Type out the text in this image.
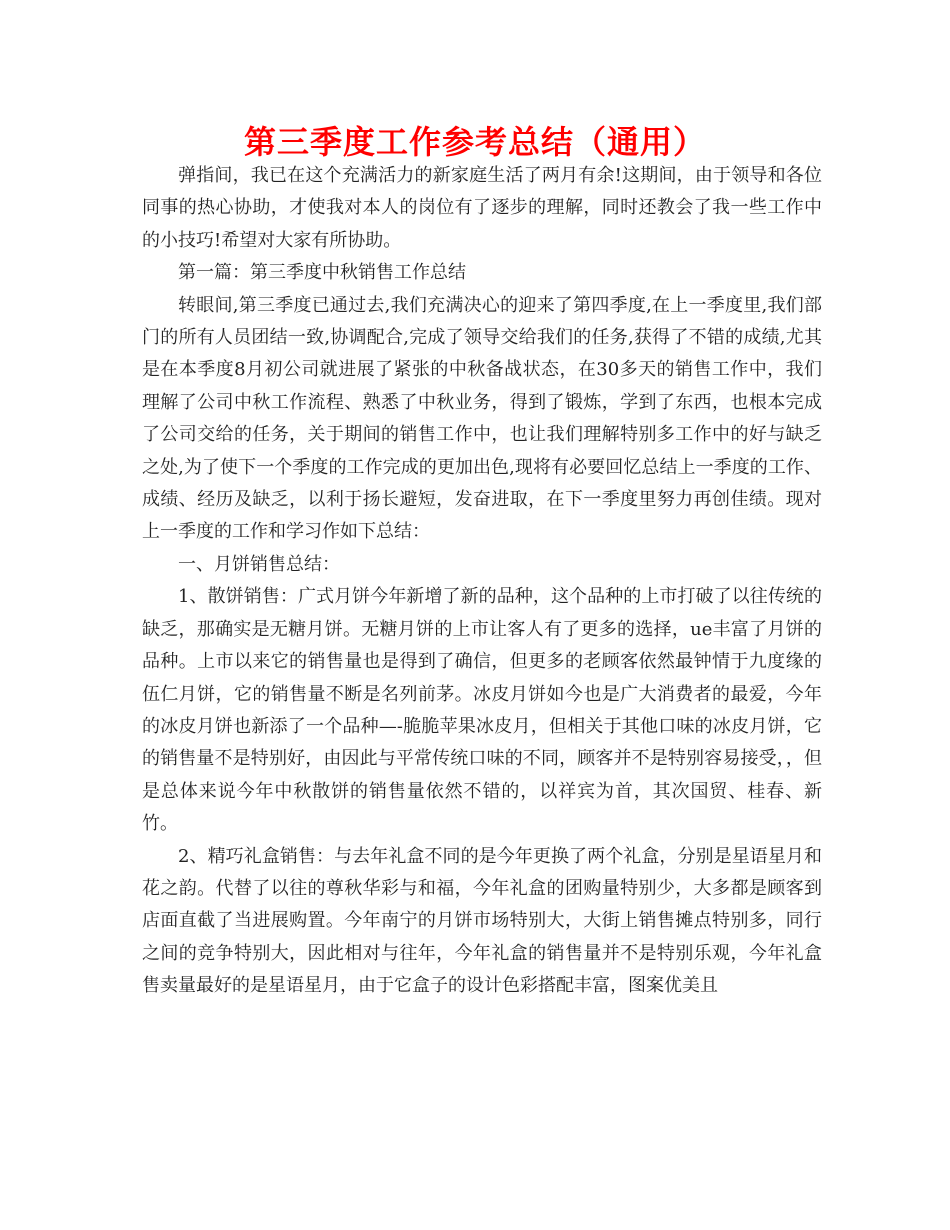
第三季度工作参考总结（通用）

弹指间，我已在这个充满活力的新家庭生活了两月有余!这期间，由于领导和各位同事的热心协助，才使我对本人的岗位有了逐步的理解，同时还教会了我一些工作中的小技巧!希望对大家有所协助。

第一篇：第三季度中秋销售工作总结

转眼间,第三季度已通过去,我们充满决心的迎来了第四季度,在上一季度里,我们部门的所有人员团结一致,协调配合,完成了领导交给我们的任务,获得了不错的成绩,尤其是在本季度8月初公司就进展了紧张的中秋备战状态，在30多天的销售工作中，我们理解了公司中秋工作流程、熟悉了中秋业务，得到了锻炼，学到了东西，也根本完成了公司交给的任务，关于期间的销售工作中，也让我们理解特别多工作中的好与缺乏之处,为了使下一个季度的工作完成的更加出色,现将有必要回忆总结上一季度的工作、成绩、经历及缺乏，以利于扬长避短，发奋进取，在下一季度里努力再创佳绩。现对上一季度的工作和学习作如下总结：

一、月饼销售总结：

1、散饼销售：广式月饼今年新增了新的品种，这个品种的上市打破了以往传统的缺乏，那确实是无糖月饼。无糖月饼的上市让客人有了更多的选择，ue丰富了月饼的品种。上市以来它的销售量也是得到了确信，但更多的老顾客依然最钟情于九度缘的伍仁月饼，它的销售量不断是名列前茅。冰皮月饼如今也是广大消费者的最爱，今年的冰皮月饼也新添了一个品种—-脆脆苹果冰皮月，但相关于其他口味的冰皮月饼，它的销售量不是特别好，由因此与平常传统口味的不同，顾客并不是特别容易接受，，但是总体来说今年中秋散饼的销售量依然不错的，以祥宾为首，其次国贸、桂春、新竹。

2、精巧礼盒销售：与去年礼盒不同的是今年更换了两个礼盒，分别是星语星月和花之韵。代替了以往的尊秋华彩与和福，今年礼盒的团购量特别少，大多都是顾客到店面直截了当进展购置。今年南宁的月饼市场特别大，大街上销售摊点特别多，同行之间的竞争特别大，因此相对与往年，今年礼盒的销售量并不是特别乐观，今年礼盒售卖量最好的是星语星月，由于它盒子的设计色彩搭配丰富，图案优美且
